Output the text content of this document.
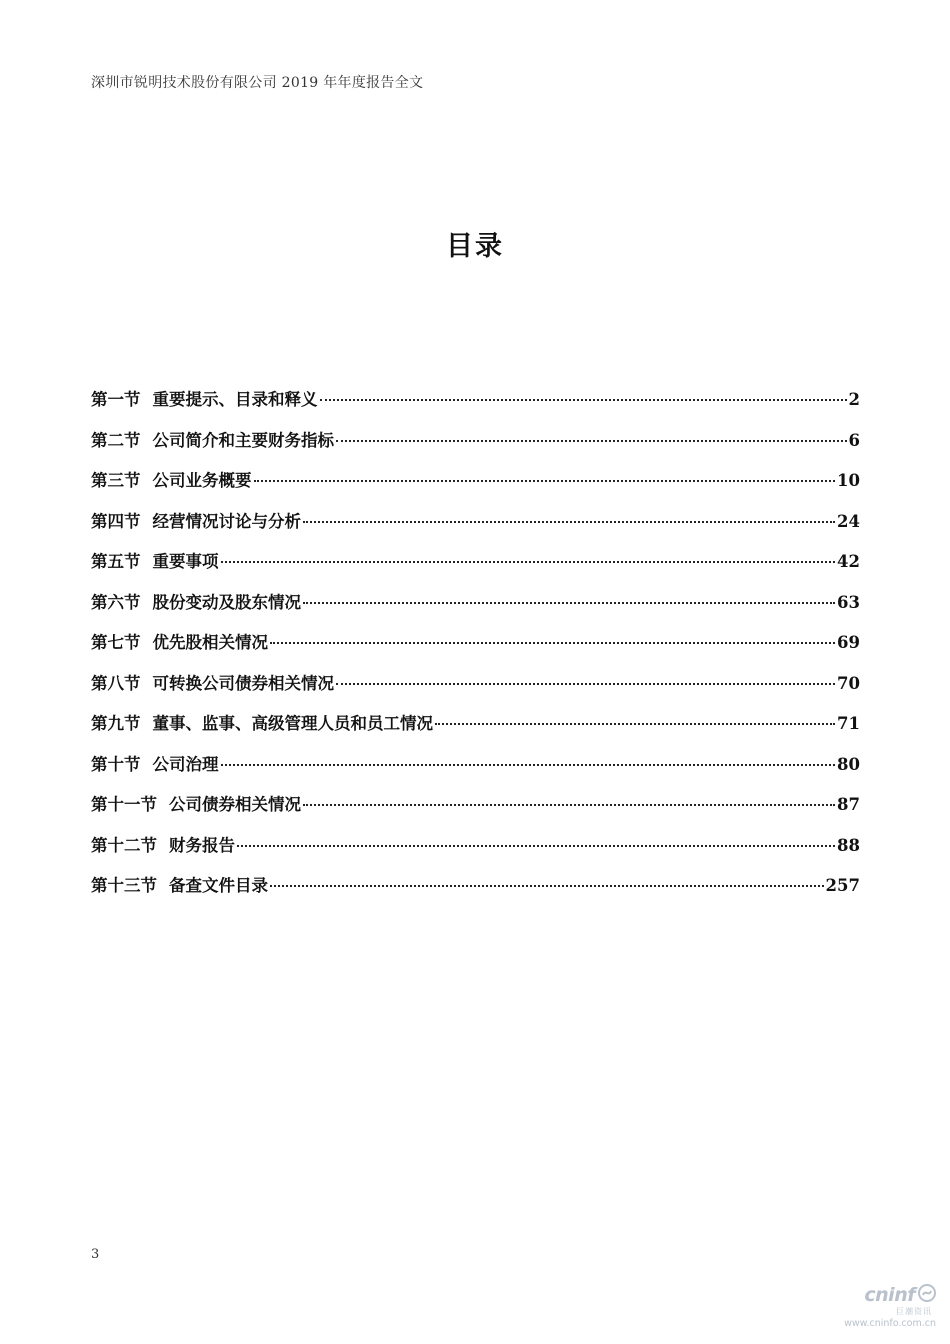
深圳市锐明技术股份有限公司 2019 年年度报告全文
目录
第一节 重要提示、目录和释义	2
第二节 公司简介和主要财务指标	6
第三节 公司业务概要	10
第四节 经营情况讨论与分析	24
第五节 重要事项	42
第六节 股份变动及股东情况	63
第七节 优先股相关情况	69
第八节 可转换公司债券相关情况	70
第九节 董事、监事、高级管理人员和员工情况	71
第十节 公司治理	80
第十一节 公司债券相关情况	87
第十二节 财务报告	88
第十三节 备查文件目录	257
3
cninf
巨潮资讯
www.cninfo.com.cn
